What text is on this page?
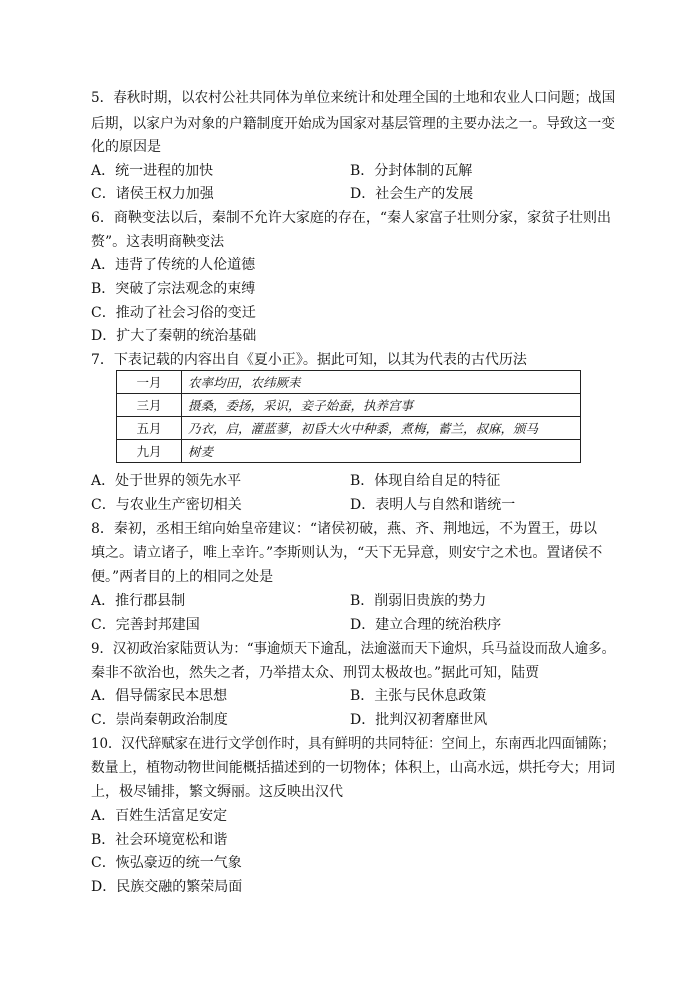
5．春秋时期，以农村公社共同体为单位来统计和处理全国的土地和农业人口问题；战国
后期，以家户为对象的户籍制度开始成为国家对基层管理的主要办法之一。导致这一变
化的原因是
A．统一进程的加快	B．分封体制的瓦解
C．诸侯王权力加强	D．社会生产的发展
6．商鞅变法以后，秦制不允许大家庭的存在，“秦人家富子壮则分家，家贫子壮则出
赘”。这表明商鞅变法
A．违背了传统的人伦道德
B．突破了宗法观念的束缚
C．推动了社会习俗的变迁
D．扩大了秦朝的统治基础
7．下表记载的内容出自《夏小正》。据此可知，以其为代表的古代历法
一月	农率均田，农纬厥耒
三月	摄桑，委扬，采识，妾子始蚕，执养宫事
五月	乃衣，启，灌蓝蓼，初昏大火中种黍，煮梅，蓄兰，叔麻，颁马
九月	树麦
A．处于世界的领先水平	B．体现自给自足的特征
C．与农业生产密切相关	D．表明人与自然和谐统一
8．秦初，丞相王绾向始皇帝建议：“诸侯初破，燕、齐、荆地远，不为置王，毋以
填之。请立诸子，唯上幸许。”李斯则认为，“天下无异意，则安宁之术也。置诸侯不
便。”两者目的上的相同之处是
A．推行郡县制	B．削弱旧贵族的势力
C．完善封邦建国	D．建立合理的统治秩序
9．汉初政治家陆贾认为：“事逾烦天下逾乱，法逾滋而天下逾炽，兵马益设而敌人逾多。
秦非不欲治也，然失之者，乃举措太众、刑罚太极故也。”据此可知，陆贾
A．倡导儒家民本思想	B．主张与民休息政策
C．崇尚秦朝政治制度	D．批判汉初奢靡世风
10．汉代辞赋家在进行文学创作时，具有鲜明的共同特征：空间上，东南西北四面铺陈；
数量上，植物动物世间能概括描述到的一切物体；体积上，山高水远，烘托夸大；用词
上，极尽铺排，繁文缛丽。这反映出汉代
A．百姓生活富足安定
B．社会环境宽松和谐
C．恢弘豪迈的统一气象
D．民族交融的繁荣局面
